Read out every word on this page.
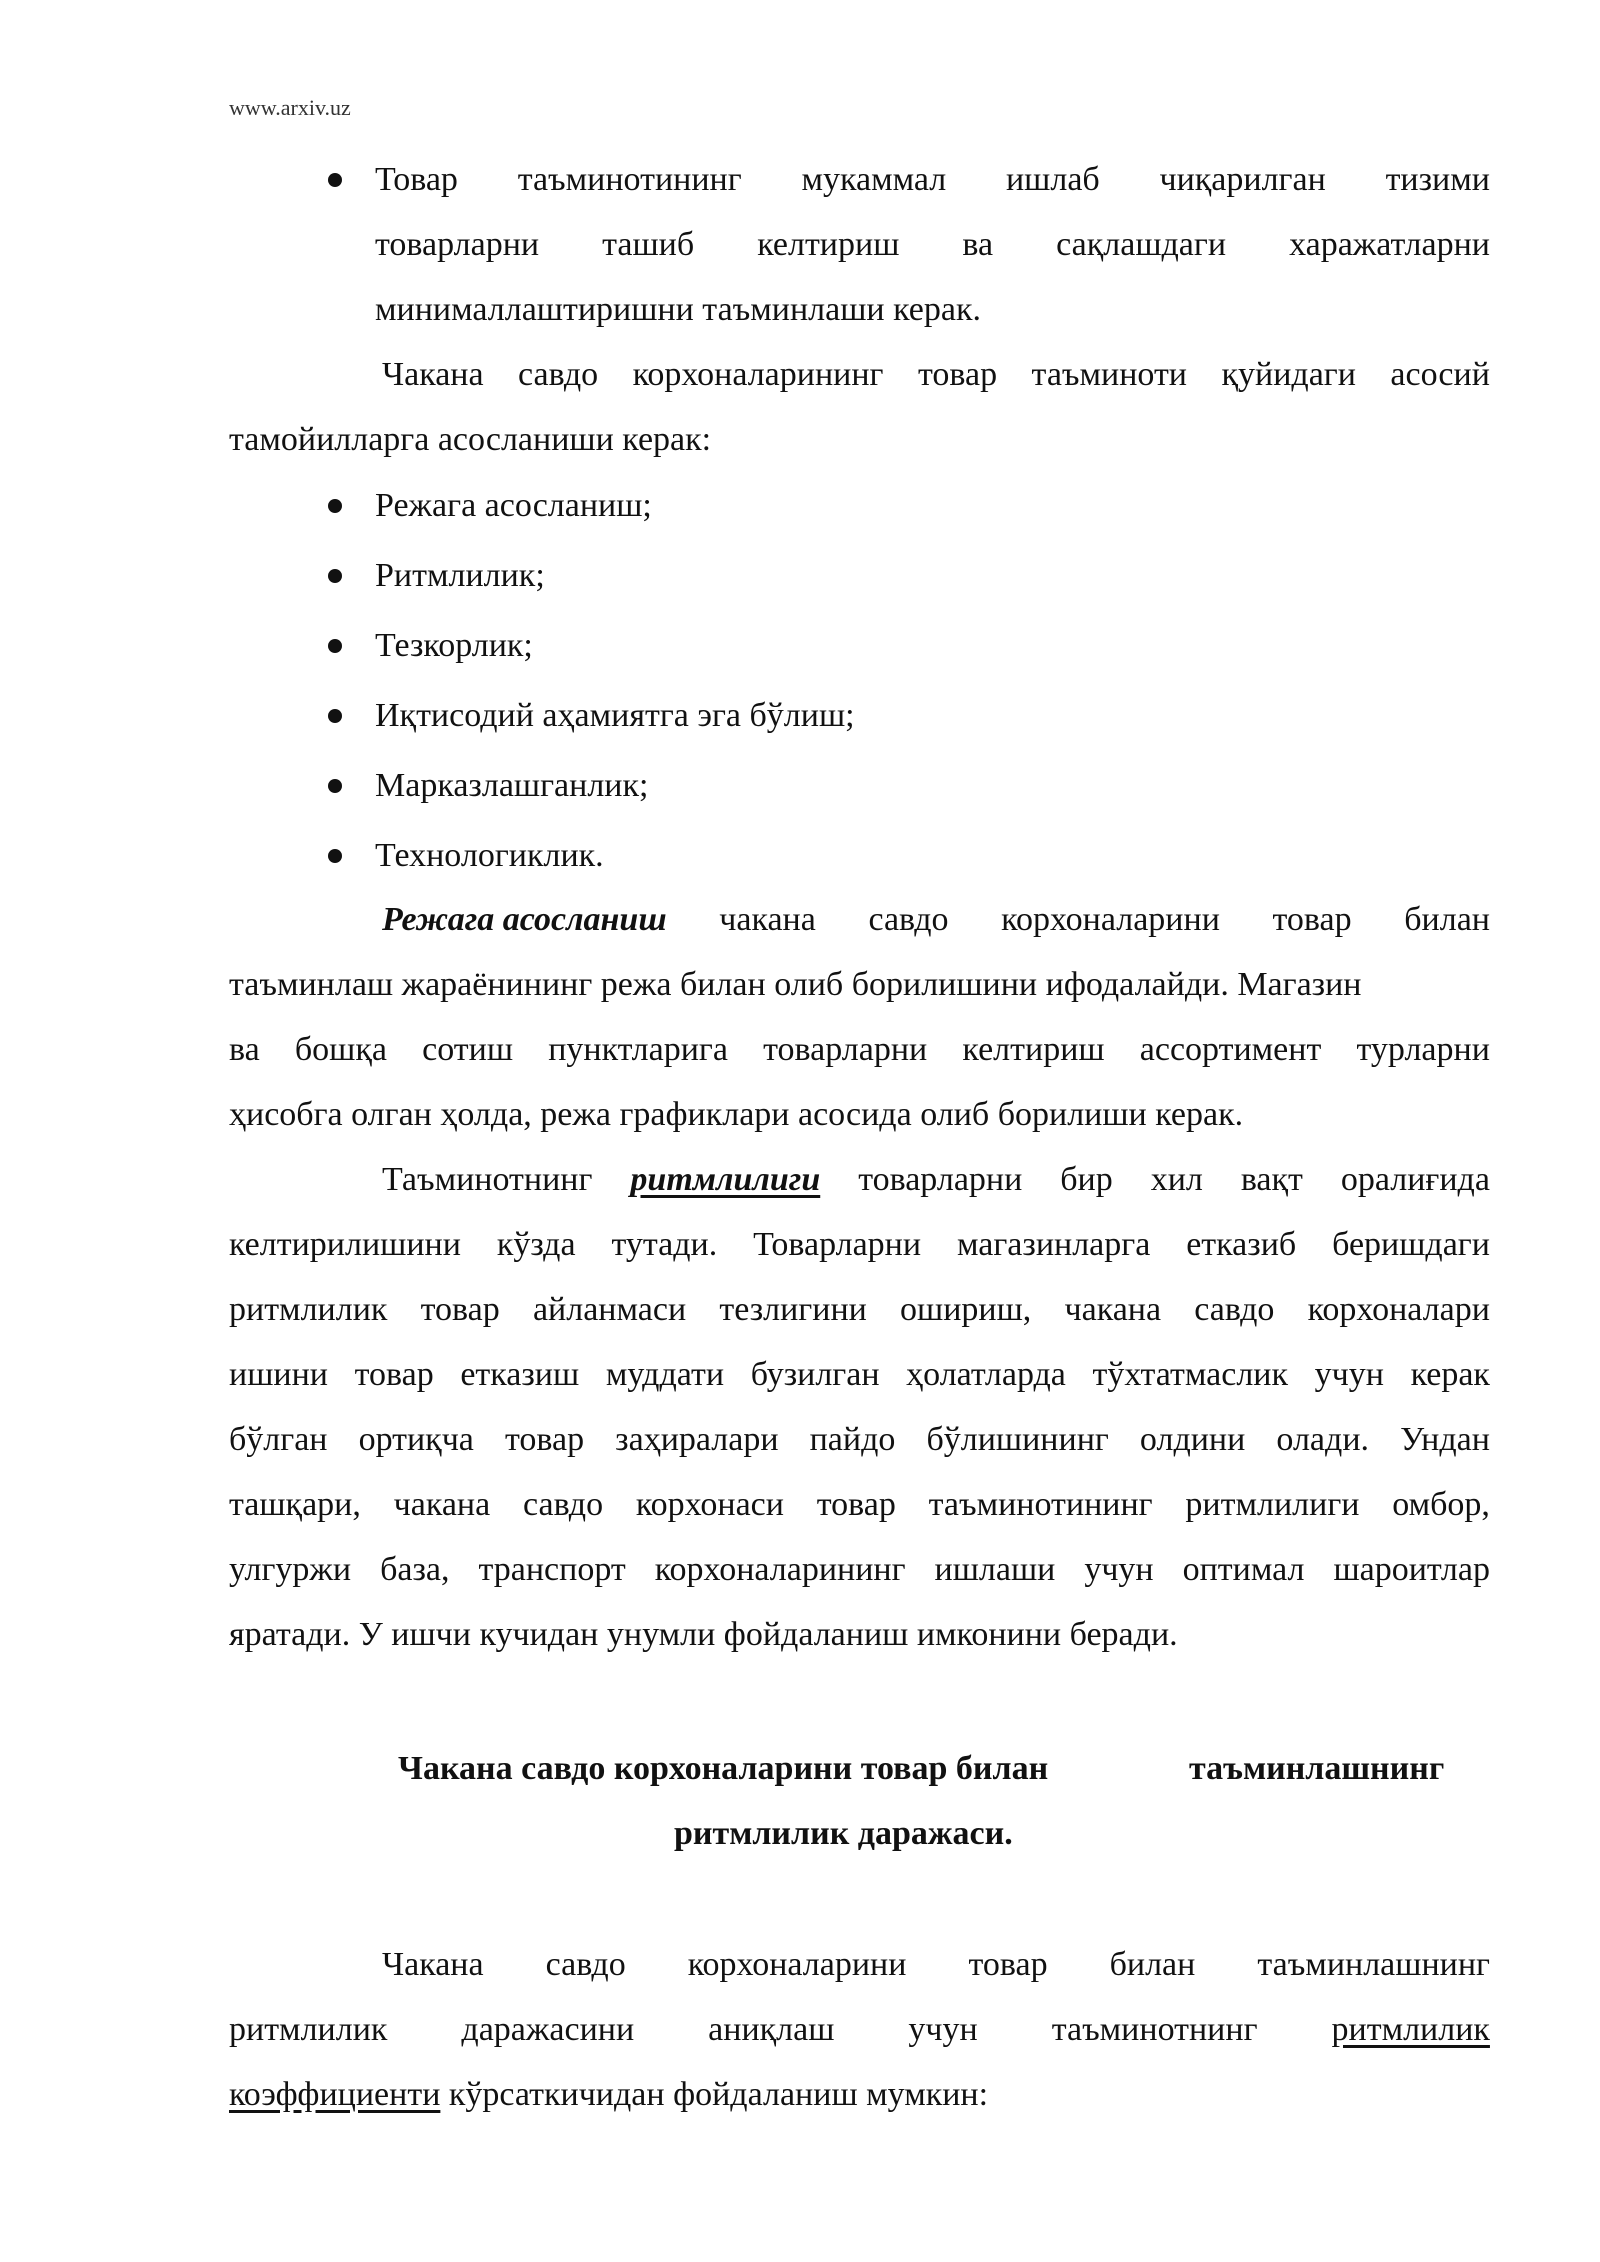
www.arxiv.uz
Товар таъминотининг мукаммал ишлаб чиқарилган тизими
товарларни ташиб келтириш ва сақлашдаги харажатларни
минималлаштиришни таъминлаши керак.
Чакана савдо корхоналарининг товар таъминоти қуйидаги асосий
тамойилларга асосланиши керак:
Режага асосланиш;
Ритмлилик;
Тезкорлик;
Иқтисодий аҳамиятга эга бўлиш;
Марказлашганлик;
Технологиклик.
Режага асосланиш чакана савдо корхоналарини товар билан
таъминлаш жараёнининг режа билан олиб борилишини ифодалайди. Магазин
ва бошқа сотиш пунктларига товарларни келтириш ассортимент турларни
ҳисобга олган ҳолда, режа графиклари асосида олиб борилиши керак.
Таъминотнинг ритмлилиги товарларни бир хил вақт оралиғида
келтирилишини кўзда тутади. Товарларни магазинларга етказиб беришдаги
ритмлилик товар айланмаси тезлигини ошириш, чакана савдо корхоналари
ишини товар етказиш муддати бузилган ҳолатларда тўхтатмаслик учун керак
бўлган ортиқча товар заҳиралари пайдо бўлишининг олдини олади. Ундан
ташқари, чакана савдо корхонаси товар таъминотининг ритмлилиги омбор,
улгуржи база, транспорт корхоналарининг ишлаши учун оптимал шароитлар
яратади. У ишчи кучидан унумли фойдаланиш имконини беради.
Чакана савдо корхоналарини товар билан	таъминлашнинг
ритмлилик даражаси.
Чакана савдо корхоналарини товар билан таъминлашнинг
ритмлилик даражасини аниқлаш учун таъминотнинг ритмлилик
коэффициенти кўрсаткичидан фойдаланиш мумкин:
